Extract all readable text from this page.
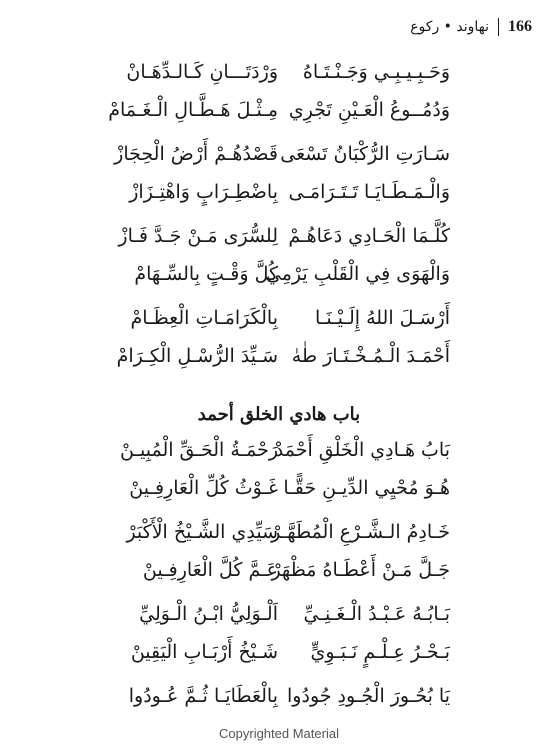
166
نهاوند • ركوع
وَحَـبِـيـبِـي وَجَـنْـتَـاهُ
وَرْدَتَـــانِ كَـالـدِّهَـانْ
وَدُمُــوعُ الْعَـيْنِ تَجْرِي
مِـثْـلَ هَـطَّـالِ الْـغَـمَامْ
سَـارَتِ الرُّكْبَانُ تَسْعَى
قَصْدُهُـمْ أَرْضُ الْحِجَازْ
وَالْـمَـطَـايَـا تَـتَـرَامَـى
بِاضْطِـرَابٍ وَاهْتِـزَازْ
كُلَّـمَا الْحَـادِي دَعَاهُـمْ
لِلسُّرَى مَـنْ جَـدَّ فَـازْ
وَالْهَوَى فِي الْقَلْبِ يَرْمِي
كُلَّ وَقْـتٍ بِالسِّـهَامْ
أَرْسَـلَ اللهُ إِلَـيْـنَـا
بِالْكَرَامَـاتِ الْعِظَـامْ
أَحْمَـدَ الْـمُـخْـتَـارَ طٰهٰ
سَـيِّدَ الرُّسْـلِ الْكِـرَامْ
بَابُ هَـادِي الْخَلْقِ أَحْمَدْ
رَحْمَـةُ الْحَـقِّ الْمُبِيـنْ
هُـوَ مُحْيِي الدِّيـنِ حَقًّـا
غَـوْثُ كُلِّ الْعَارِفِـينْ
خَـادِمُ الـشَّـرْعِ الْمُطَهَّـرْ
سَيِّدِي الشَّـيْخُ الْأَكْبَرْ
جَـلَّ مَـنْ أَعْطَـاهُ مَظْهَرْ
عَـمَّ كُلَّ الْعَارِفِـينْ
بَـابُـهُ عَـبْـدُ الْـغَـنِـيِّ
اَلْـوَلِيُّ ابْـنُ الْـوَلِيِّ
بَـحْـرُ عِـلْـمٍ نَـبَـوِيٍّ
شَـيْخُ أَرْبَـابِ الْيَقِينْ
يَا بُحُـورَ الْجُـودِ جُودُوا
بِالْعَطَايَـا ثُـمَّ عُـودُوا
باب هادي الخلق أحمد
Copyrighted Material
